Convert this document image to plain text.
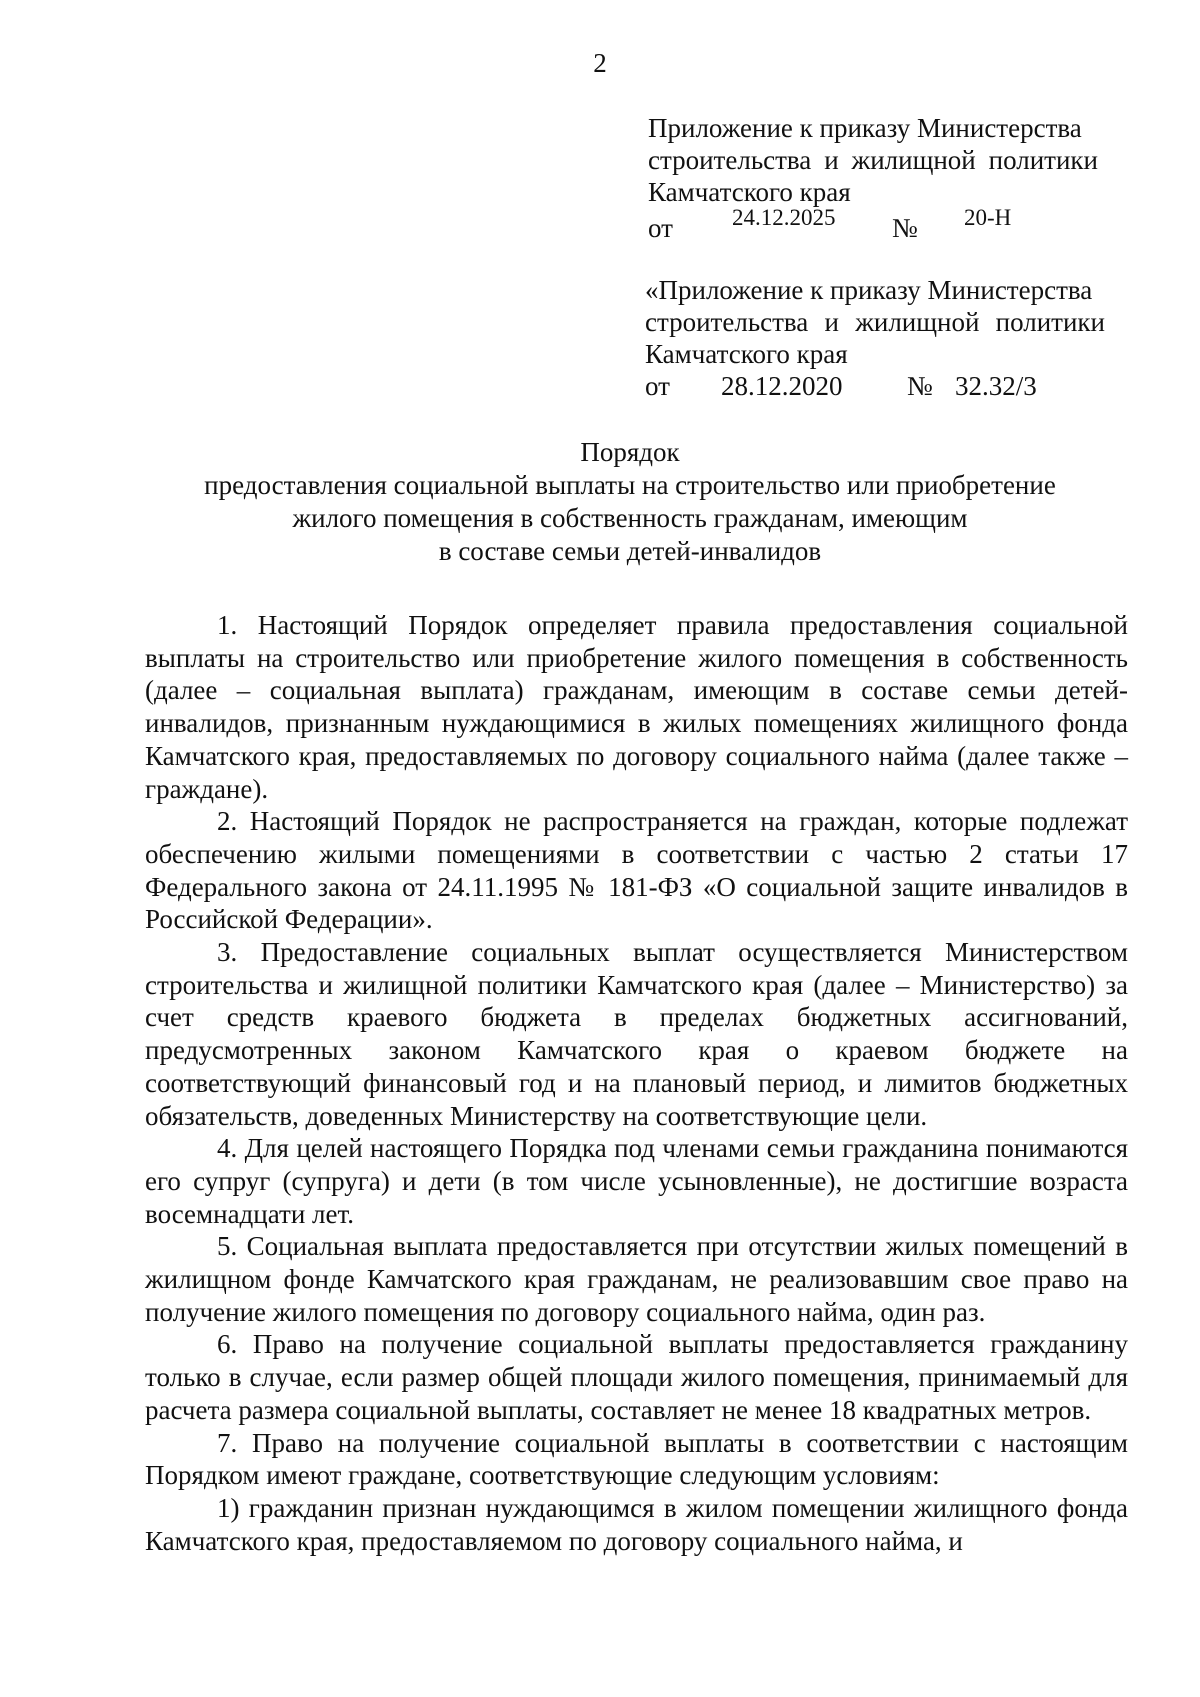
2
Приложение к приказу Министерства
строительства и жилищной политики
Камчатского края
от	24.12.2025 № 20-Н
«Приложение к приказу Министерства
строительства и жилищной политики
Камчатского края
от 28.12.2020 № 32.32/3
Порядок
предоставления социальной выплаты на строительство или приобретение
жилого помещения в собственность гражданам, имеющим
в составе семьи детей-инвалидов

1. Настоящий Порядок определяет правила предоставления социальной выплаты на строительство или приобретение жилого помещения в собственность (далее – социальная выплата) гражданам, имеющим в составе семьи детей-инвалидов, признанным нуждающимися в жилых помещениях жилищного фонда Камчатского края, предоставляемых по договору социального найма (далее также – граждане).

2. Настоящий Порядок не распространяется на граждан, которые подлежат обеспечению жилыми помещениями в соответствии с частью 2 статьи 17 Федерального закона от 24.11.1995 № 181-ФЗ «О социальной защите инвалидов в Российской Федерации».

3. Предоставление социальных выплат осуществляется Министерством строительства и жилищной политики Камчатского края (далее – Министерство) за счет средств краевого бюджета в пределах бюджетных ассигнований, предусмотренных законом Камчатского края о краевом бюджете на соответствующий финансовый год и на плановый период, и лимитов бюджетных обязательств, доведенных Министерству на соответствующие цели.

4. Для целей настоящего Порядка под членами семьи гражданина понимаются его супруг (супруга) и дети (в том числе усыновленные), не достигшие возраста восемнадцати лет.

5. Социальная выплата предоставляется при отсутствии жилых помещений в жилищном фонде Камчатского края гражданам, не реализовавшим свое право на получение жилого помещения по договору социального найма, один раз.

6. Право на получение социальной выплаты предоставляется гражданину только в случае, если размер общей площади жилого помещения, принимаемый для расчета размера социальной выплаты, составляет не менее 18 квадратных метров.

7. Право на получение социальной выплаты в соответствии с настоящим Порядком имеют граждане, соответствующие следующим условиям:

1) гражданин признан нуждающимся в жилом помещении жилищного фонда Камчатского края, предоставляемом по договору социального найма, и
